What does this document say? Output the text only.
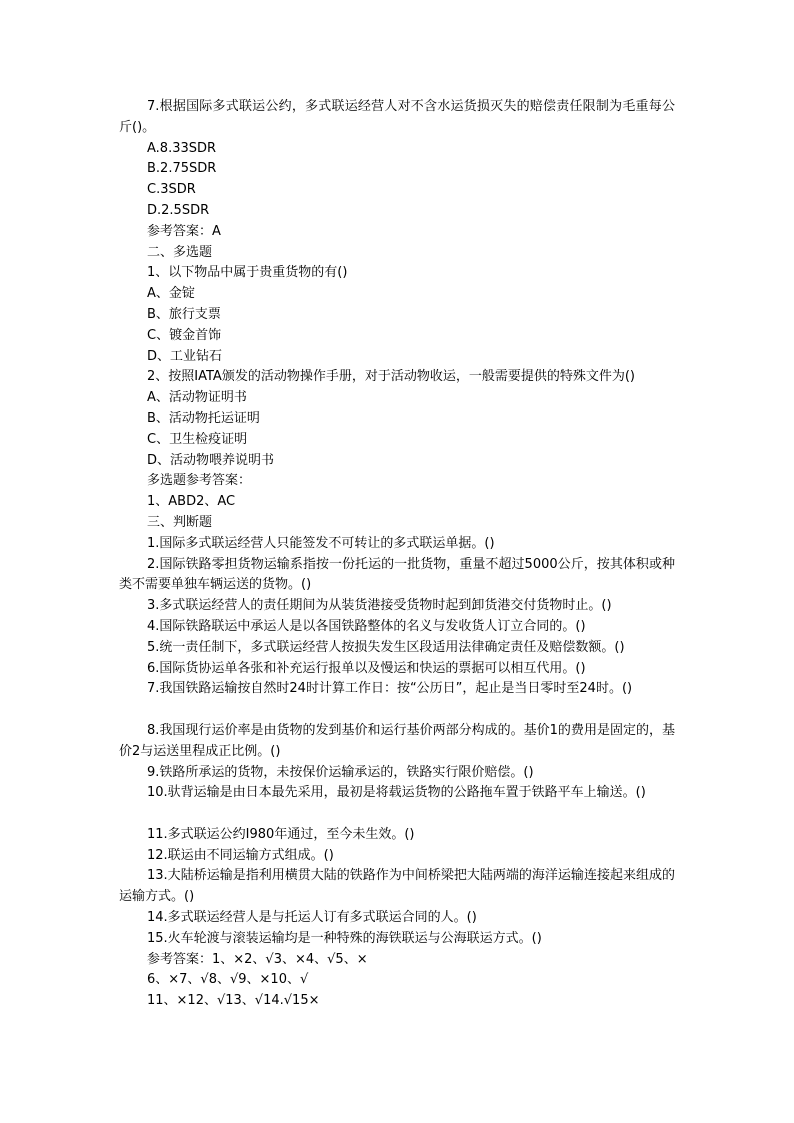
7.根据国际多式联运公约，多式联运经营人对不含水运货损灭失的赔偿责任限制为毛重每公斤()。
A.8.33SDR
B.2.75SDR
C.3SDR
D.2.5SDR
参考答案：A
二、多选题
1、以下物品中属于贵重货物的有()
A、金锭
B、旅行支票
C、镀金首饰
D、工业钻石
2、按照IATA颁发的活动物操作手册，对于活动物收运，一般需要提供的特殊文件为()
A、活动物证明书
B、活动物托运证明
C、卫生检疫证明
D、活动物喂养说明书
多选题参考答案：
1、ABD2、AC
三、判断题
1.国际多式联运经营人只能签发不可转让的多式联运单据。()
2.国际铁路零担货物运输系指按一份托运的一批货物，重量不超过5000公斤，按其体积或种类不需要单独车辆运送的货物。()
3.多式联运经营人的责任期间为从装货港接受货物时起到卸货港交付货物时止。()
4.国际铁路联运中承运人是以各国铁路整体的名义与发收货人订立合同的。()
5.统一责任制下，多式联运经营人按损失发生区段适用法律确定责任及赔偿数额。()
6.国际货协运单各张和补充运行报单以及慢运和快运的票据可以相互代用。()
7.我国铁路运输按自然时24时计算工作日：按“公历日”，起止是当日零时至24时。()
8.我国现行运价率是由货物的发到基价和运行基价两部分构成的。基价1的费用是固定的，基价2与运送里程成正比例。()
9.铁路所承运的货物，未按保价运输承运的，铁路实行限价赔偿。()
10.驮背运输是由日本最先采用，最初是将载运货物的公路拖车置于铁路平车上输送。()
11.多式联运公约I980年通过，至今未生效。()
12.联运由不同运输方式组成。()
13.大陆桥运输是指利用横贯大陆的铁路作为中间桥梁把大陆两端的海洋运输连接起来组成的运输方式。()
14.多式联运经营人是与托运人订有多式联运合同的人。()
15.火车轮渡与滚装运输均是一种特殊的海铁联运与公海联运方式。()
参考答案：1、×2、√3、×4、√5、×
6、×7、√8、√9、×10、√
11、×12、√13、√14.√15×
